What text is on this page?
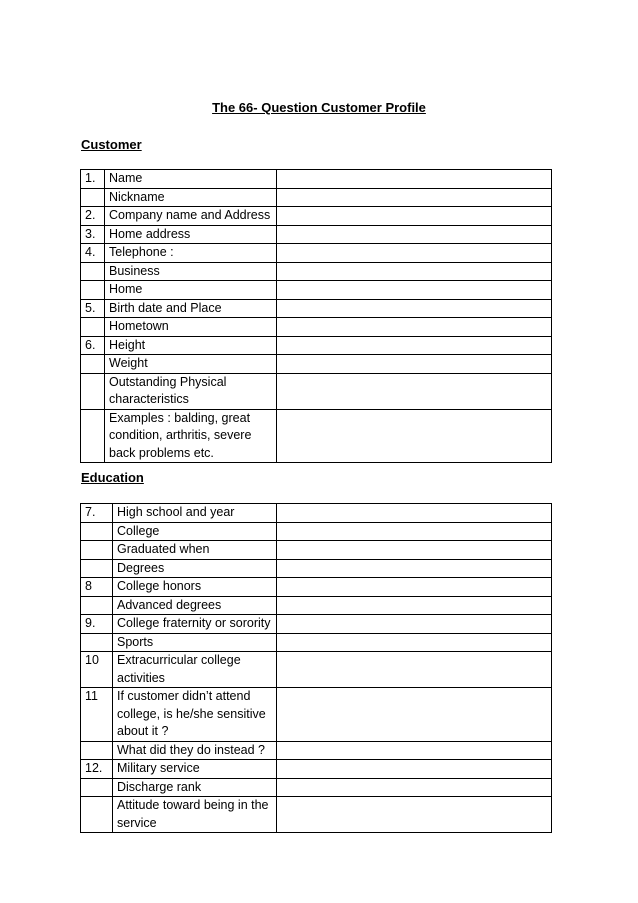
The 66- Question Customer Profile
Customer
1.	Name	
	Nickname	
2.	Company name and Address	
3.	Home address	
4.	Telephone :	
	Business	
	Home	
5.	Birth date and Place	
	Hometown	
6.	Height	
	Weight	
	Outstanding Physical
characteristics	
	Examples : balding, great
condition, arthritis, severe
back problems etc.	
Education
7.	High school and year	
	College	
	Graduated when	
	Degrees	
8	College honors	
	Advanced degrees	
9.	College fraternity or sorority	
	Sports	
10	Extracurricular college
activities	
11	If customer didn’t attend
college, is he/she sensitive
about it ?	
	What did they do instead ?	
12.	Military service	
	Discharge rank	
	Attitude toward being in the
service	
